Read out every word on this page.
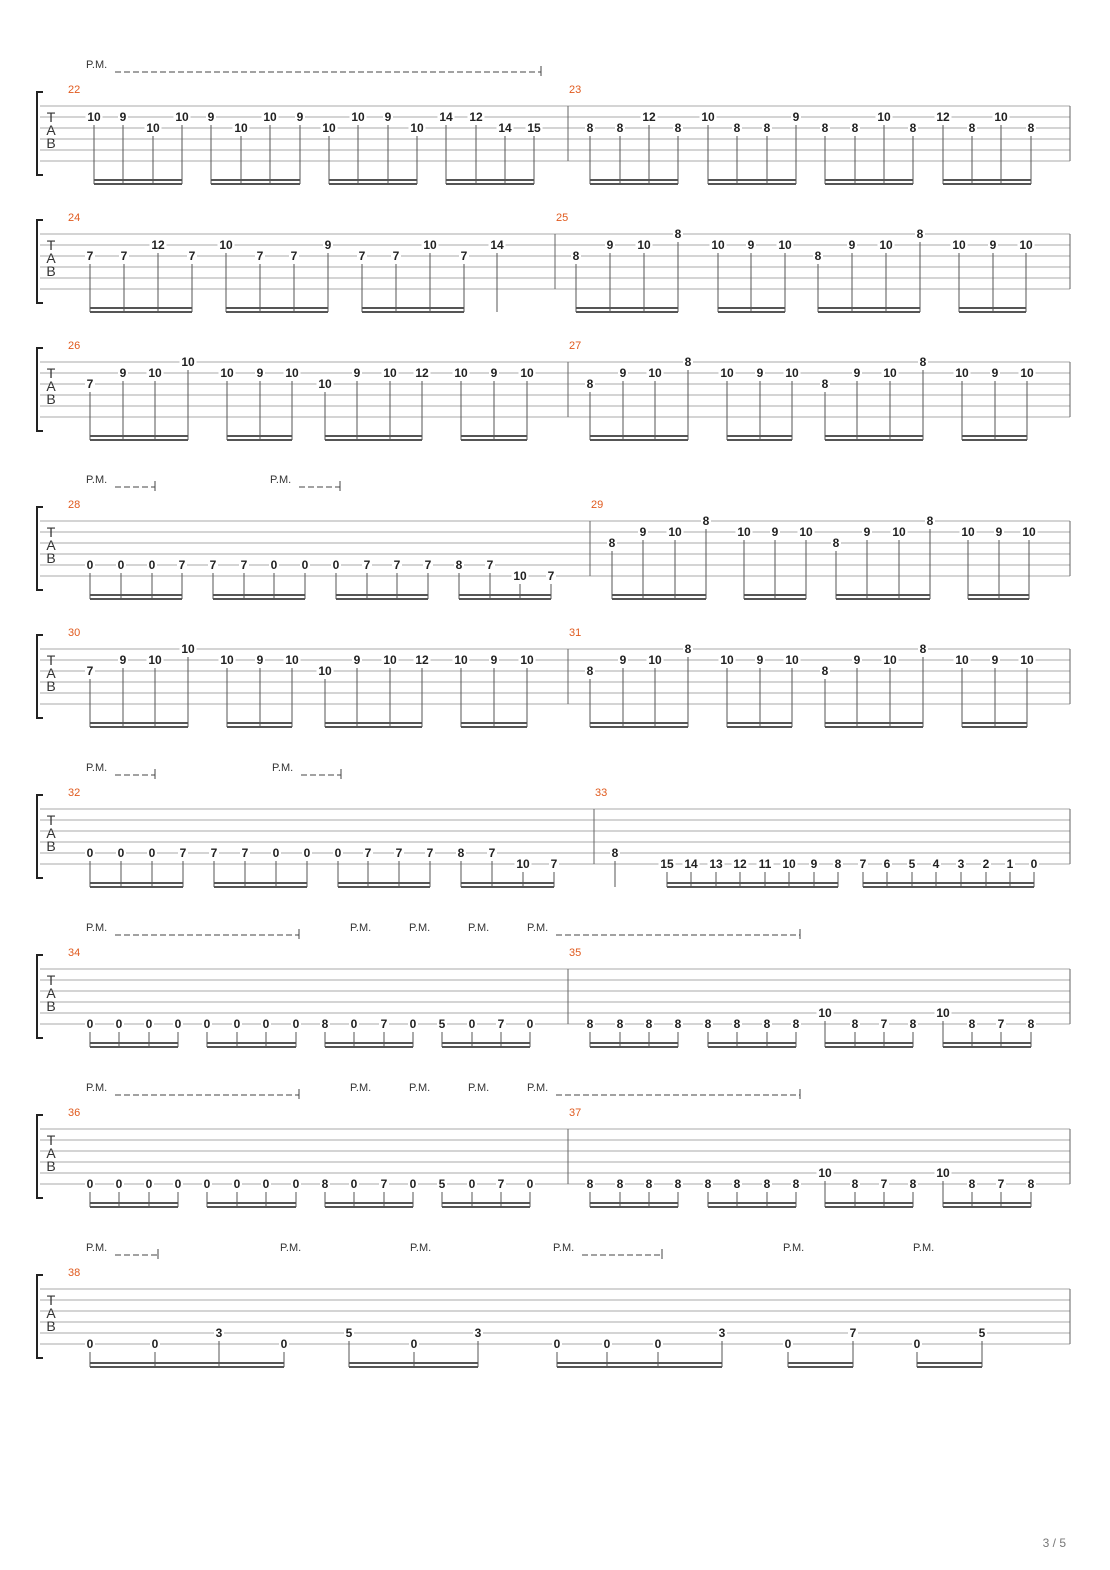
T
A
B
P.M.
22
10 9
10
10 9
10
10 9
10
10 9
10
14 12
14 15
23
8 8
12
8
10
8 8
9
8 8
10
8
12
8
10
8
T
A
B
24
7 7
12
7
10
7 7
9
7 7
10
7
14
25
8
9 10
8
10 9 10
8
9 10
8
10 9 10
T
A
B
26
7
9 10
10
10 9 10
10
9 10 12 10 9 10
27
8
9 10
8
10 9 10
8
9 10
8
10 9 10
T
A
B
P.M.	P.M.
28
0 0 0 7 7 7 0 0 0 7 7 7 8 7
10 7
29
8
9 10
8
10 9 10
8
9 10
8
10 9 10
T
A
B
30
7
9 10
10
10 9 10
10
9 10 12 10 9 10
31
8
9 10
8
10 9 10
8
9 10
8
10 9 10
T
A
B
P.M.	P.M.
32
0 0 0 7 7 7 0 0 0 7 7 7 8 7
10 7
33
8
15 14 13 12 11 10 9 8 7 6 5 4 3 2 1 0
T
A
B
P.M.	P.M.	P.M.	P.M.	P.M.
34
0 0 0 0 0 0 0 0 8 0 7 0 5 0 7 0
35
8 8 8 8 8 8 8 8
10
8 7 8
10
8 7 8
T
A
B
P.M.	P.M.	P.M.	P.M.	P.M.
36
0 0 0 0 0 0 0 0 8 0 7 0 5 0 7 0
37
8 8 8 8 8 8 8 8
10
8 7 8
10
8 7 8
T
A
B
P.M.	P.M.	P.M.	P.M.	P.M.	P.M.
38
0	0
3
0
5
0
3
0	0	0
3
0
7
0
5
3 / 5
